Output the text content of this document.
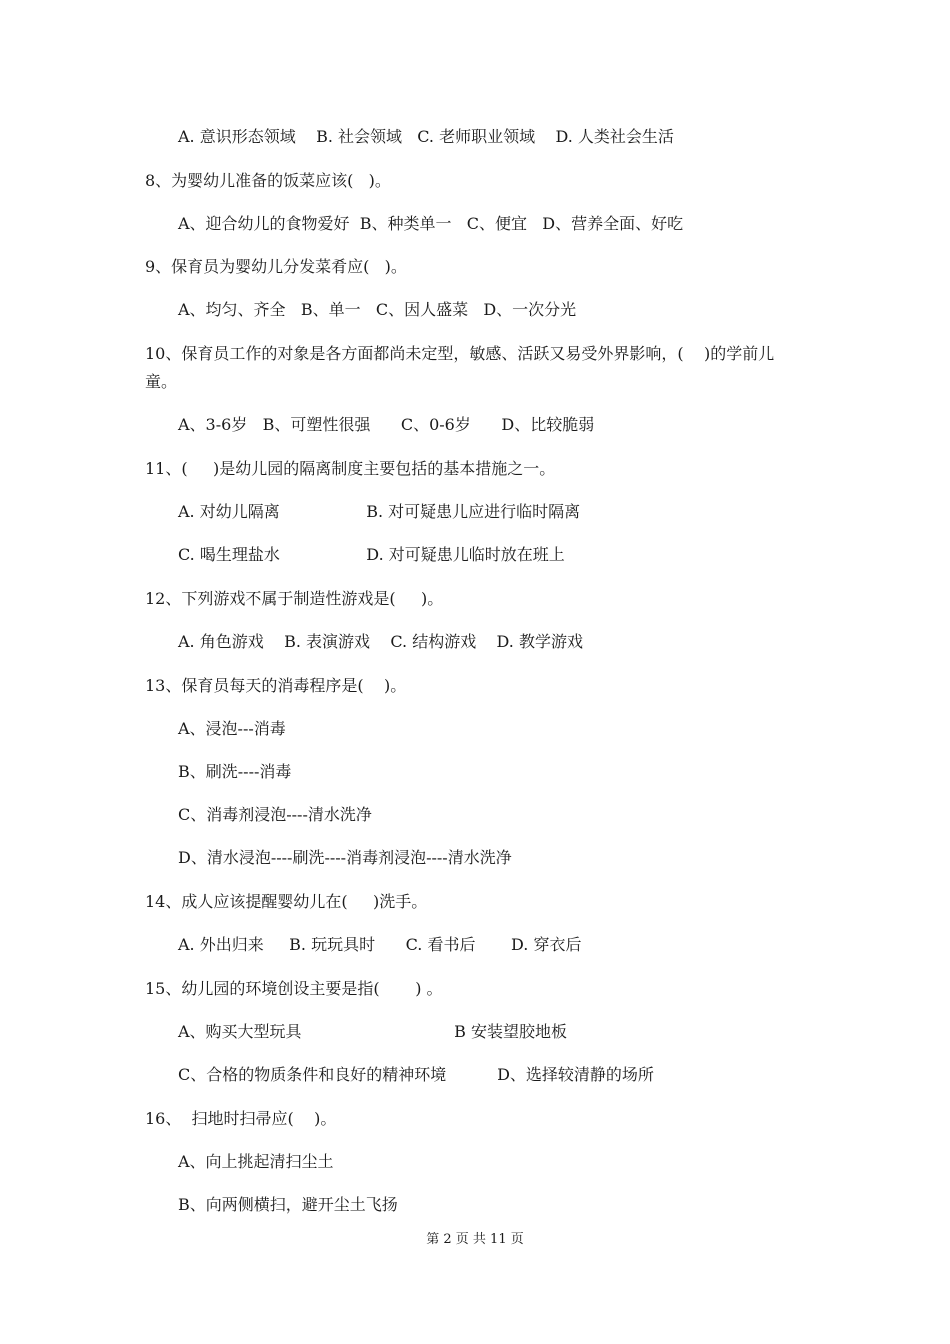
A. 意识形态领域    B. 社会领域   C. 老师职业领域    D. 人类社会生活
8、为婴幼儿准备的饭菜应该(   )。
A、迎合幼儿的食物爱好  B、种类单一   C、便宜   D、营养全面、好吃
9、保育员为婴幼儿分发菜肴应(   )。
A、均匀、齐全   B、单一   C、因人盛菜   D、一次分光
10、保育员工作的对象是各方面都尚未定型，敏感、活跃又易受外界影响，(    )的学前儿
童。
A、3-6岁   B、可塑性很强      C、0-6岁      D、比较脆弱
11、(     )是幼儿园的隔离制度主要包括的基本措施之一。
A. 对幼儿隔离                 B. 对可疑患儿应进行临时隔离
C. 喝生理盐水                 D. 对可疑患儿临时放在班上
12、下列游戏不属于制造性游戏是(     )。
A. 角色游戏    B. 表演游戏    C. 结构游戏    D. 教学游戏
13、保育员每天的消毒程序是(    )。
A、浸泡---消毒
B、刷洗----消毒
C、消毒剂浸泡----清水洗净
D、清水浸泡----刷洗----消毒剂浸泡----清水洗净
14、成人应该提醒婴幼儿在(     )洗手。
A. 外出归来     B. 玩玩具时      C. 看书后       D. 穿衣后
15、幼儿园的环境创设主要是指(       ) 。
A、购买大型玩具                              B 安装望胶地板
C、合格的物质条件和良好的精神环境          D、选择较清静的场所
16、  扫地时扫帚应(    )。
A、向上挑起清扫尘土
B、向两侧横扫，避开尘土飞扬
第 2 页 共 11 页
